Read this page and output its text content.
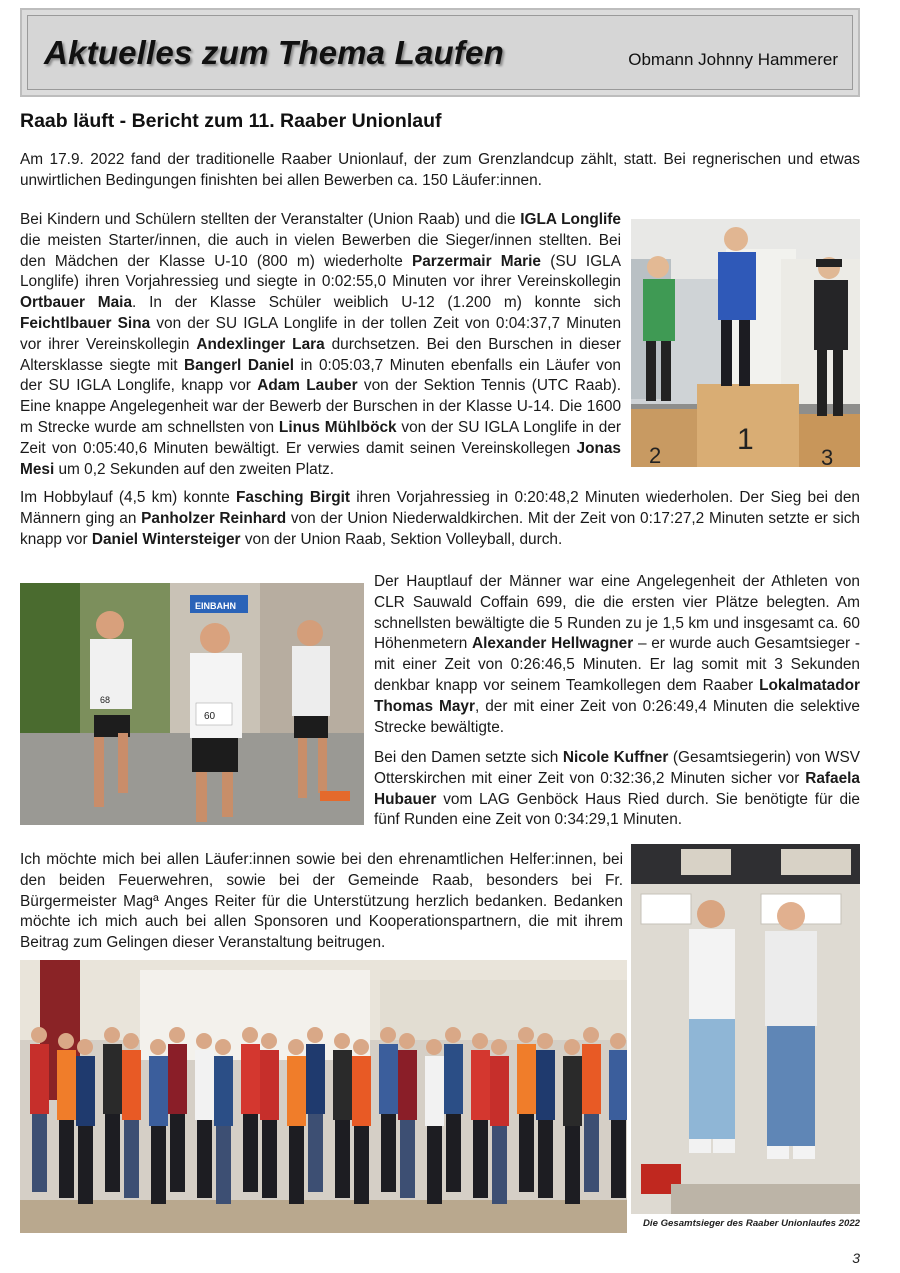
Aktuelles zum Thema Laufen	Obmann Johnny Hammerer
Raab läuft - Bericht zum 11. Raaber Unionlauf

Am 17.9. 2022 fand der traditionelle Raaber Unionlauf, der zum Grenzlandcup zählt, statt. Bei regnerischen und etwas unwirtlichen Bedingungen finishten bei allen Bewerben ca. 150 Läufer:innen.

Bei Kindern und Schülern stellten der Veranstalter (Union Raab) und die IGLA Longlife die meisten Starter/innen, die auch in vielen Bewerben die Sieger/innen stellten. Bei den Mädchen der Klasse U-10 (800 m) wiederholte Parzermair Marie (SU IGLA Longlife) ihren Vorjahressieg und siegte in 0:02:55,0 Minuten vor ihrer Vereinskollegin Ortbauer Maia. In der Klasse Schüler weiblich U-12 (1.200 m) konnte sich Feichtlbauer Sina von der SU IGLA Longlife in der tollen Zeit von 0:04:37,7 Minuten vor ihrer Vereinskollegin Andexlinger Lara durchsetzen. Bei den Burschen in dieser Altersklasse siegte mit Bangerl Daniel in 0:05:03,7 Minuten ebenfalls ein Läufer von der SU IGLA Longlife, knapp vor Adam Lauber von der Sektion Tennis (UTC Raab). Eine knappe Angelegenheit war der Bewerb der Burschen in der Klasse U-14. Die 1600 m Strecke wurde am schnellsten von Linus Mühlböck von der SU IGLA Longlife in der Zeit von 0:05:40,6 Minuten bewältigt. Er verwies damit seinen Vereinskollegen Jonas Mesi um 0,2 Sekunden auf den zweiten Platz.

Im Hobbylauf (4,5 km) konnte Fasching Birgit ihren Vorjahressieg in 0:20:48,2 Minuten wiederholen. Der Sieg bei den Männern ging an Panholzer Reinhard von der Union Niederwaldkirchen. Mit der Zeit von 0:17:27,2 Minuten setzte er sich knapp vor Daniel Wintersteiger von der Union Raab, Sektion Volleyball, durch.

Der Hauptlauf der Männer war eine Angelegenheit der Athleten von CLR Sauwald Coffain 699, die die ersten vier Plätze belegten. Am schnellsten bewältigte die 5 Runden zu je 1,5 km und insgesamt ca. 60 Höhenmetern Alexander Hellwagner – er wurde auch Gesamtsieger - mit einer Zeit von 0:26:46,5 Minuten. Er lag somit mit 3 Sekunden denkbar knapp vor seinem Teamkollegen dem Raaber Lokalmatador Thomas Mayr, der mit einer Zeit von 0:26:49,4 Minuten die selektive Strecke bewältigte.

Bei den Damen setzte sich Nicole Kuffner (Gesamtsiegerin) von WSV Otterskirchen mit einer Zeit von 0:32:36,2 Minuten sicher vor Rafaela Hubauer vom LAG Genböck Haus Ried durch. Sie benötigte für die fünf Runden eine Zeit von 0:34:29,1 Minuten.

Ich möchte mich bei allen Läufer:innen sowie bei den ehrenamtlichen Helfer:innen, bei den beiden Feuerwehren, sowie bei der Gemeinde Raab, besonders bei Fr. Bürgermeister Magª Anges Reiter für die Unterstützung herzlich bedanken. Bedanken möchte ich mich auch bei allen Sponsoren und Kooperationspartnern, die mit ihrem Beitrag zum Gelingen dieser Veranstaltung beitrugen.

2	1
3
EINBAHN
68
60
Die Gesamtsieger des Raaber Unionlaufes 2022
3
